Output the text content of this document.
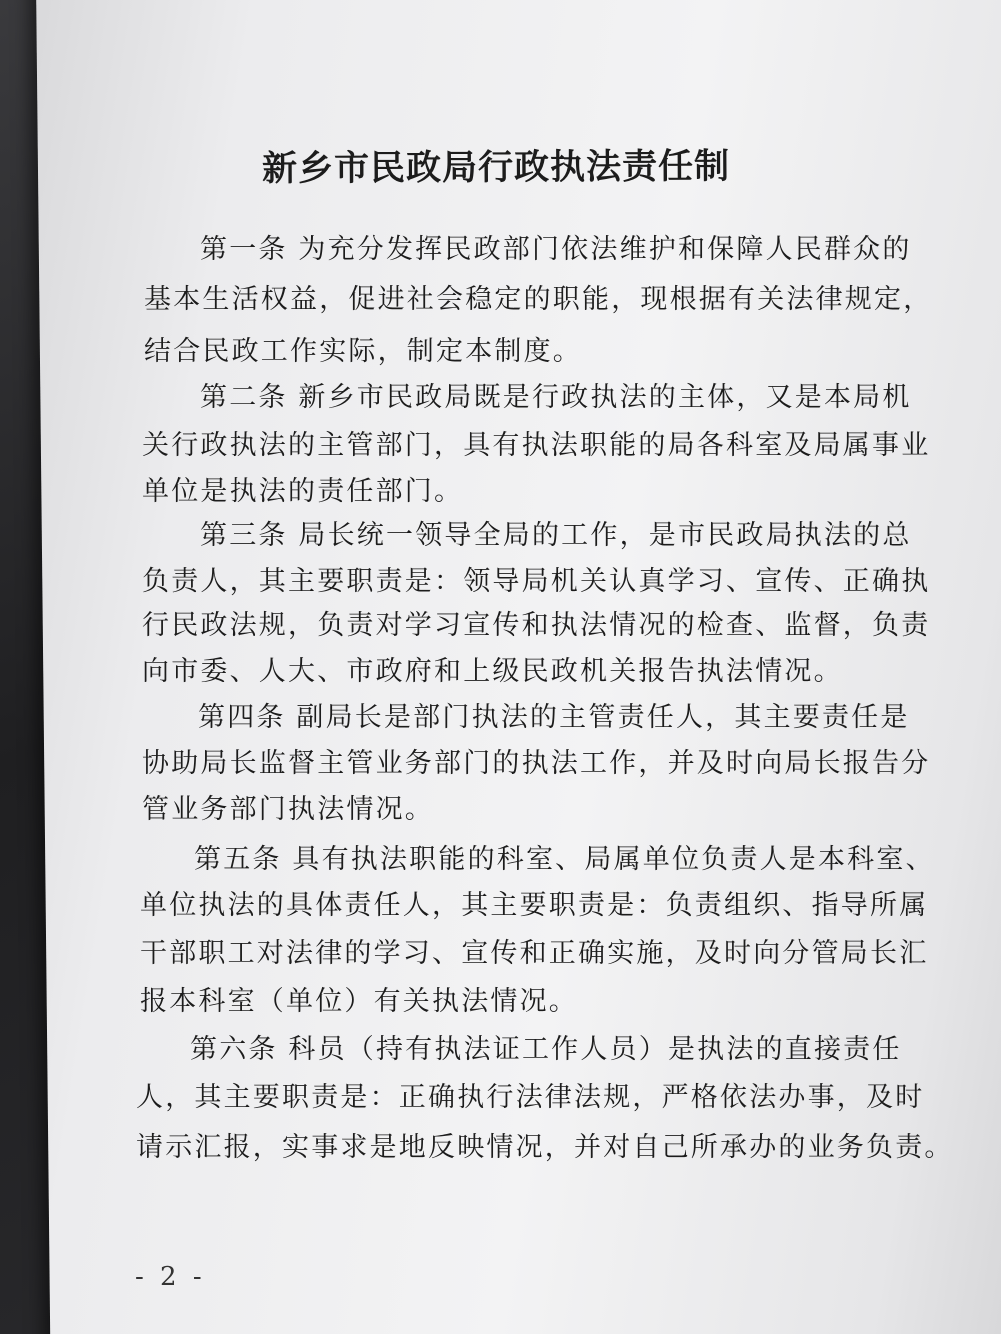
新乡市民政局行政执法责任制
第一条 为充分发挥民政部门依法维护和保障人民群众的
基本生活权益，促进社会稳定的职能，现根据有关法律规定，
结合民政工作实际，制定本制度。
第二条 新乡市民政局既是行政执法的主体，又是本局机
关行政执法的主管部门，具有执法职能的局各科室及局属事业
单位是执法的责任部门。
第三条 局长统一领导全局的工作，是市民政局执法的总
负责人，其主要职责是：领导局机关认真学习、宣传、正确执
行民政法规，负责对学习宣传和执法情况的检查、监督，负责
向市委、人大、市政府和上级民政机关报告执法情况。
第四条 副局长是部门执法的主管责任人，其主要责任是
协助局长监督主管业务部门的执法工作，并及时向局长报告分
管业务部门执法情况。
第五条 具有执法职能的科室、局属单位负责人是本科室、
单位执法的具体责任人，其主要职责是：负责组织、指导所属
干部职工对法律的学习、宣传和正确实施，及时向分管局长汇
报本科室（单位）有关执法情况。
第六条 科员（持有执法证工作人员）是执法的直接责任
人，其主要职责是：正确执行法律法规，严格依法办事，及时
请示汇报，实事求是地反映情况，并对自己所承办的业务负责。
- 2 -
